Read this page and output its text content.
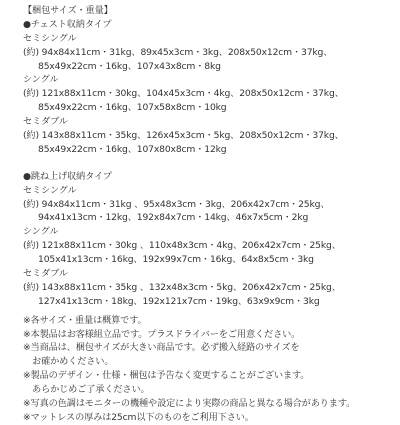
【梱包サイズ・重量】
●チェスト収納タイプ
セミシングル
(約) 94x84x11cm・31kg、89x45x3cm・3kg、208x50x12cm・37kg、
85x49x22cm・16kg、107x43x8cm・8kg
シングル
(約) 121x88x11cm・30kg、104x45x3cm・4kg、208x50x12cm・37kg、
85x49x22cm・16kg、107x58x8cm・10kg
セミダブル
(約) 143x88x11cm・35kg、126x45x3cm・5kg、208x50x12cm・37kg、
85x49x22cm・16kg、107x80x8cm・12kg
●跳ね上げ収納タイプ
セミシングル
(約) 94x84x11cm・31kg 、95x48x3cm・3kg、206x42x7cm・25kg、
94x41x13cm・12kg、192x84x7cm・14kg、46x7x5cm・2kg
シングル
(約) 121x88x11cm・30kg 、110x48x3cm・4kg、206x42x7cm・25kg、
105x41x13cm・16kg、192x99x7cm・16kg、64x8x5cm・3kg
セミダブル
(約) 143x88x11cm・35kg 、132x48x3cm・5kg、206x42x7cm・25kg、
127x41x13cm・18kg、192x121x7cm・19kg、63x9x9cm・3kg
※各サイズ・重量は概算です。
※本製品はお客様組立品です。プラスドライバーをご用意ください。
※当商品は、梱包サイズが大きい商品です。必ず搬入経路のサイズを
　お確かめください。
※製品のデザイン・仕様・梱包は予告なく変更することがございます。
　あらかじめご了承ください。
※写真の色調はモニターの機種や設定により実際の商品と異なる場合があります。
※マットレスの厚みは25cm以下のものをご利用下さい。
